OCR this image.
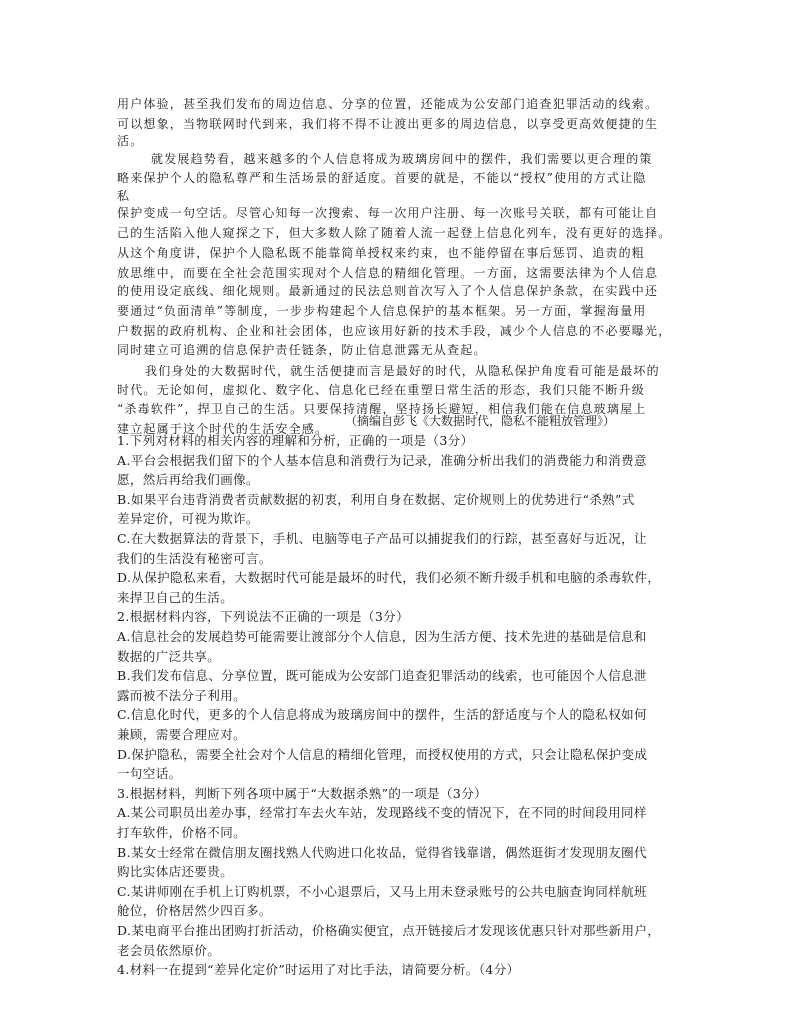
用户体验，甚至我们发布的周边信息、分享的位置，还能成为公安部门追查犯罪活动的线索。
可以想象，当物联网时代到来，我们将不得不让渡出更多的周边信息，以享受更高效便捷的生
活。
就发展趋势看，越来越多的个人信息将成为玻璃房间中的摆件，我们需要以更合理的策
略来保护个人的隐私尊严和生活场景的舒适度。首要的就是，不能以“授权”使用的方式让隐
私
保护变成一句空话。尽管心知每一次搜索、每一次用户注册、每一次账号关联，都有可能让自
己的生活陷入他人窥探之下，但大多数人除了随着人流一起登上信息化列车，没有更好的选择。
从这个角度讲，保护个人隐私既不能靠简单授权来约束，也不能停留在事后惩罚、追责的粗
放思维中，而要在全社会范围实现对个人信息的精细化管理。一方面，这需要法律为个人信息
的使用设定底线、细化规则。最新通过的民法总则首次写入了个人信息保护条款，在实践中还
要通过“负面清单”等制度，一步步构建起个人信息保护的基本框架。另一方面，掌握海量用
户数据的政府机构、企业和社会团体，也应该用好新的技术手段，减少个人信息的不必要曝光，
同时建立可追溯的信息保护责任链条，防止信息泄露无从查起。
我们身处的大数据时代，就生活便捷而言是最好的时代，从隐私保护角度看可能是最坏的
时代。无论如何，虚拟化、数字化、信息化已经在重塑日常生活的形态，我们只能不断升级
“杀毒软件”，捍卫自己的生活。只要保持清醒，坚持扬长避短，相信我们能在信息玻璃屋上
建立起属于这个时代的生活安全感。
（摘编自彭飞《大数据时代，隐私不能粗放管理》）
1.下列对材料的相关内容的理解和分析，正确的一项是（3分）
A.平台会根据我们留下的个人基本信息和消费行为记录，准确分析出我们的消费能力和消费意
愿，然后再给我们画像。
B.如果平台违背消费者贡献数据的初衷，利用自身在数据、定价规则上的优势进行“杀熟”式
差异定价，可视为欺诈。
C.在大数据算法的背景下，手机、电脑等电子产品可以捕捉我们的行踪，甚至喜好与近况，让
我们的生活没有秘密可言。
D.从保护隐私来看，大数据时代可能是最坏的时代，我们必须不断升级手机和电脑的杀毒软件，
来捍卫自己的生活。
2.根据材料内容，下列说法不正确的一项是（3分）
A.信息社会的发展趋势可能需要让渡部分个人信息，因为生活方便、技术先进的基础是信息和
数据的广泛共享。
B.我们发布信息、分享位置，既可能成为公安部门追查犯罪活动的线索，也可能因个人信息泄
露而被不法分子利用。
C.信息化时代，更多的个人信息将成为玻璃房间中的摆件，生活的舒适度与个人的隐私权如何
兼顾，需要合理应对。
D.保护隐私，需要全社会对个人信息的精细化管理，而授权使用的方式，只会让隐私保护变成
一句空话。
3.根据材料，判断下列各项中属于“大数据杀熟”的一项是（3分）
A.某公司职员出差办事，经常打车去火车站，发现路线不变的情况下，在不同的时间段用同样
打车软件，价格不同。
B.某女士经常在微信朋友圈找熟人代购进口化妆品，觉得省钱靠谱，偶然逛街才发现朋友圈代
购比实体店还要贵。
C.某讲师刚在手机上订购机票，不小心退票后，又马上用未登录账号的公共电脑查询同样航班
舱位，价格居然少四百多。
D.某电商平台推出团购打折活动，价格确实便宜，点开链接后才发现该优惠只针对那些新用户，
老会员依然原价。
4.材料一在提到“差异化定价”时运用了对比手法，请简要分析。（4分）
